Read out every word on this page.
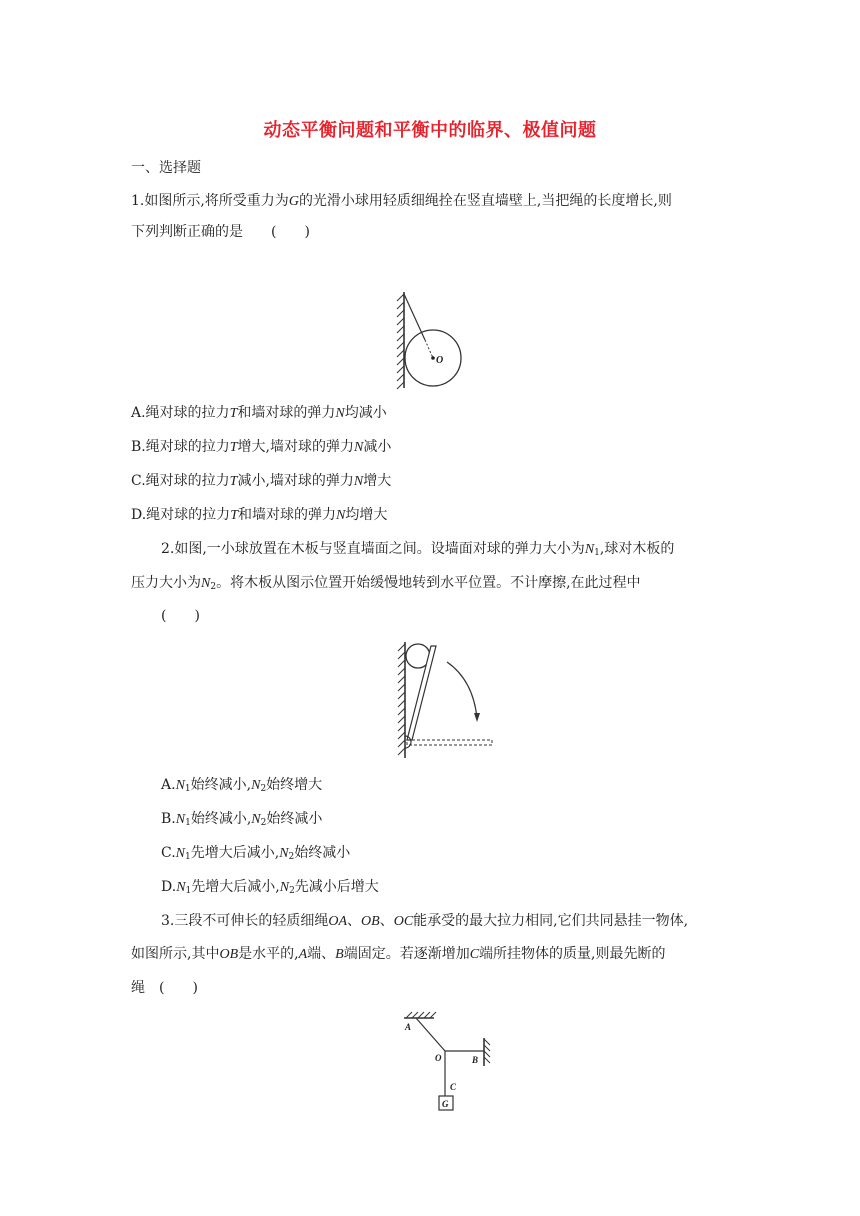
动态平衡问题和平衡中的临界、极值问题
一、选择题
1.如图所示,将所受重力为G的光滑小球用轻质细绳拴在竖直墙壁上,当把绳的长度增长,则
下列判断正确的是　　(　　)
O
A.绳对球的拉力T和墙对球的弹力N均减小
B.绳对球的拉力T增大,墙对球的弹力N减小
C.绳对球的拉力T减小,墙对球的弹力N增大
D.绳对球的拉力T和墙对球的弹力N均增大
2.如图,一小球放置在木板与竖直墙面之间。设墙面对球的弹力大小为$N_1$,球对木板的
压力大小为$N_2$。将木板从图示位置开始缓慢地转到水平位置。不计摩擦,在此过程中
(　　)
$A.N_1$始终减小$,N_2$始终增大
$B.N_1$始终减小$,N_2$始终减小
$C.N_1$先增大后减小$,N_2$始终减小
$D.N_1$先增大后减小$,N_2$先减小后增大
3.三段不可伸长的轻质细绳OA、OB、OC能承受的最大拉力相同,它们共同悬挂一物体,
如图所示,其中OB是水平的,A端、B端固定。若逐渐增加C端所挂物体的质量,则最先断的
绳　(　　)
A
O	B
C
G
